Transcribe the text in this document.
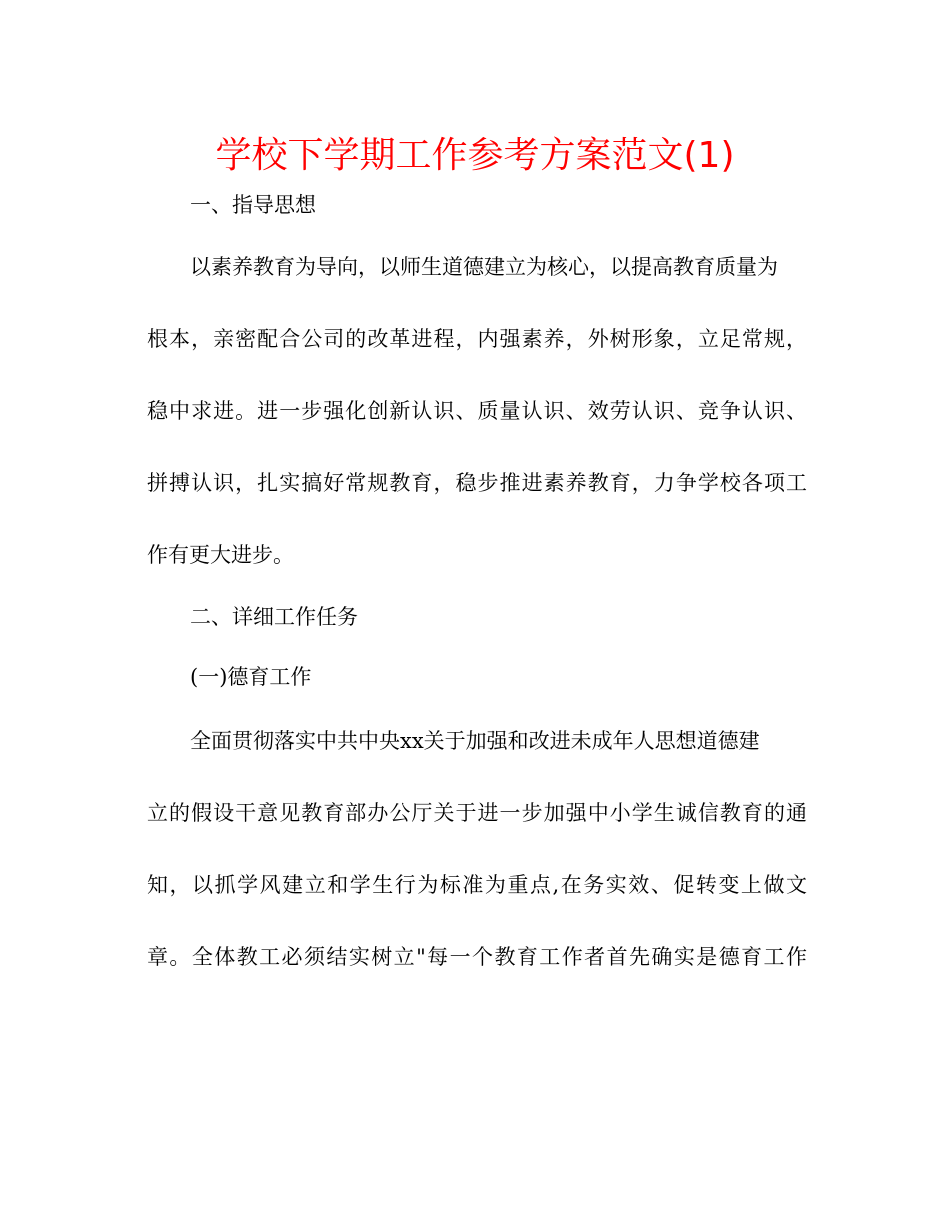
学校下学期工作参考方案范文(1)
一、指导思想
以素养教育为导向，以师生道德建立为核心，以提高教育质量为
根本，亲密配合公司的改革进程，内强素养，外树形象，立足常规，
稳中求进。进一步强化创新认识、质量认识、效劳认识、竞争认识、
拼搏认识，扎实搞好常规教育，稳步推进素养教育，力争学校各项工
作有更大进步。
二、详细工作任务
(一)德育工作
全面贯彻落实中共中央xx关于加强和改进未成年人思想道德建
立的假设干意见教育部办公厅关于进一步加强中小学生诚信教育的通
知，以抓学风建立和学生行为标准为重点,在务实效、促转变上做文
章。全体教工必须结实树立"每一个教育工作者首先确实是德育工作
